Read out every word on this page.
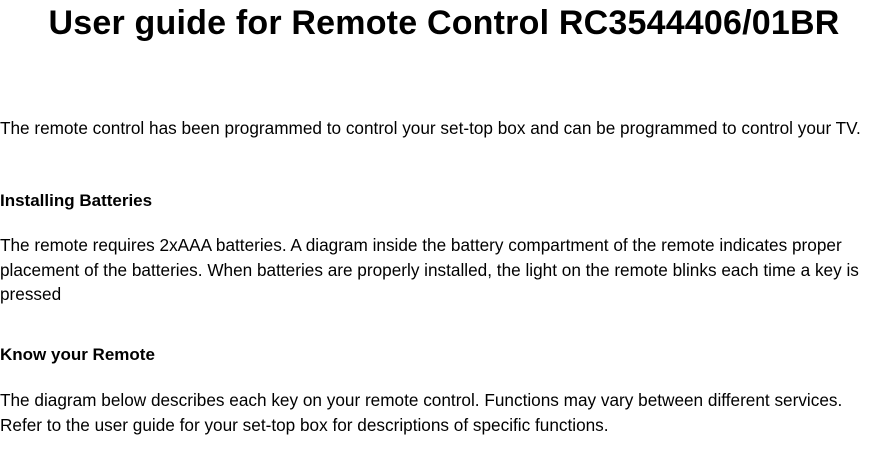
User guide for Remote Control RC3544406/01BR

The remote control has been programmed to control your set-top box and can be programmed to control your TV.

Installing Batteries

The remote requires 2xAAA batteries. A diagram inside the battery compartment of the remote indicates proper placement of the batteries. When batteries are properly installed, the light on the remote blinks each time a key is pressed

Know your Remote

The diagram below describes each key on your remote control. Functions may vary between different services. Refer to the user guide for your set-top box for descriptions of specific functions.
